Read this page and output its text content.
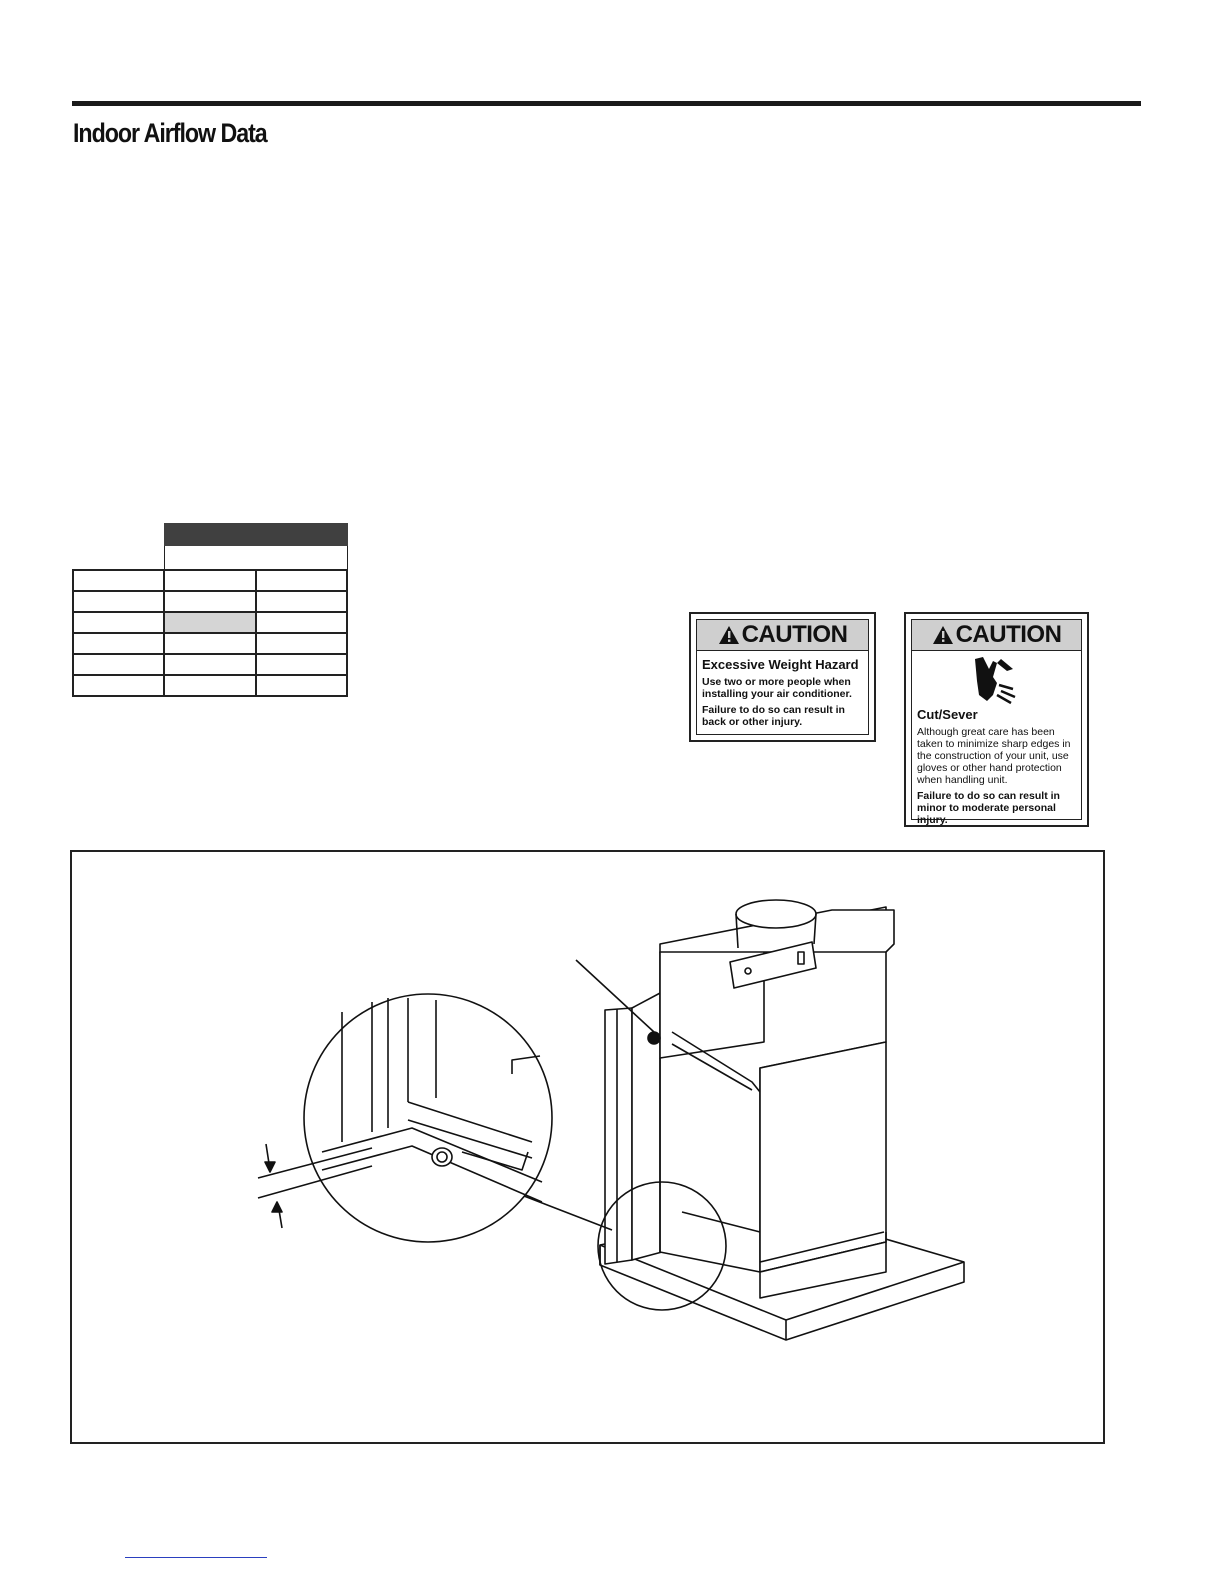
Indoor Airflow Data

CAUTION
Excessive Weight Hazard
Use two or more people when installing your air conditioner.
Failure to do so can result in back or other injury.
CAUTION
Cut/Sever
Although great care has been taken to minimize sharp edges in the construction of your unit, use gloves or other hand protection when handling unit.
Failure to do so can result in minor to moderate personal injury.
